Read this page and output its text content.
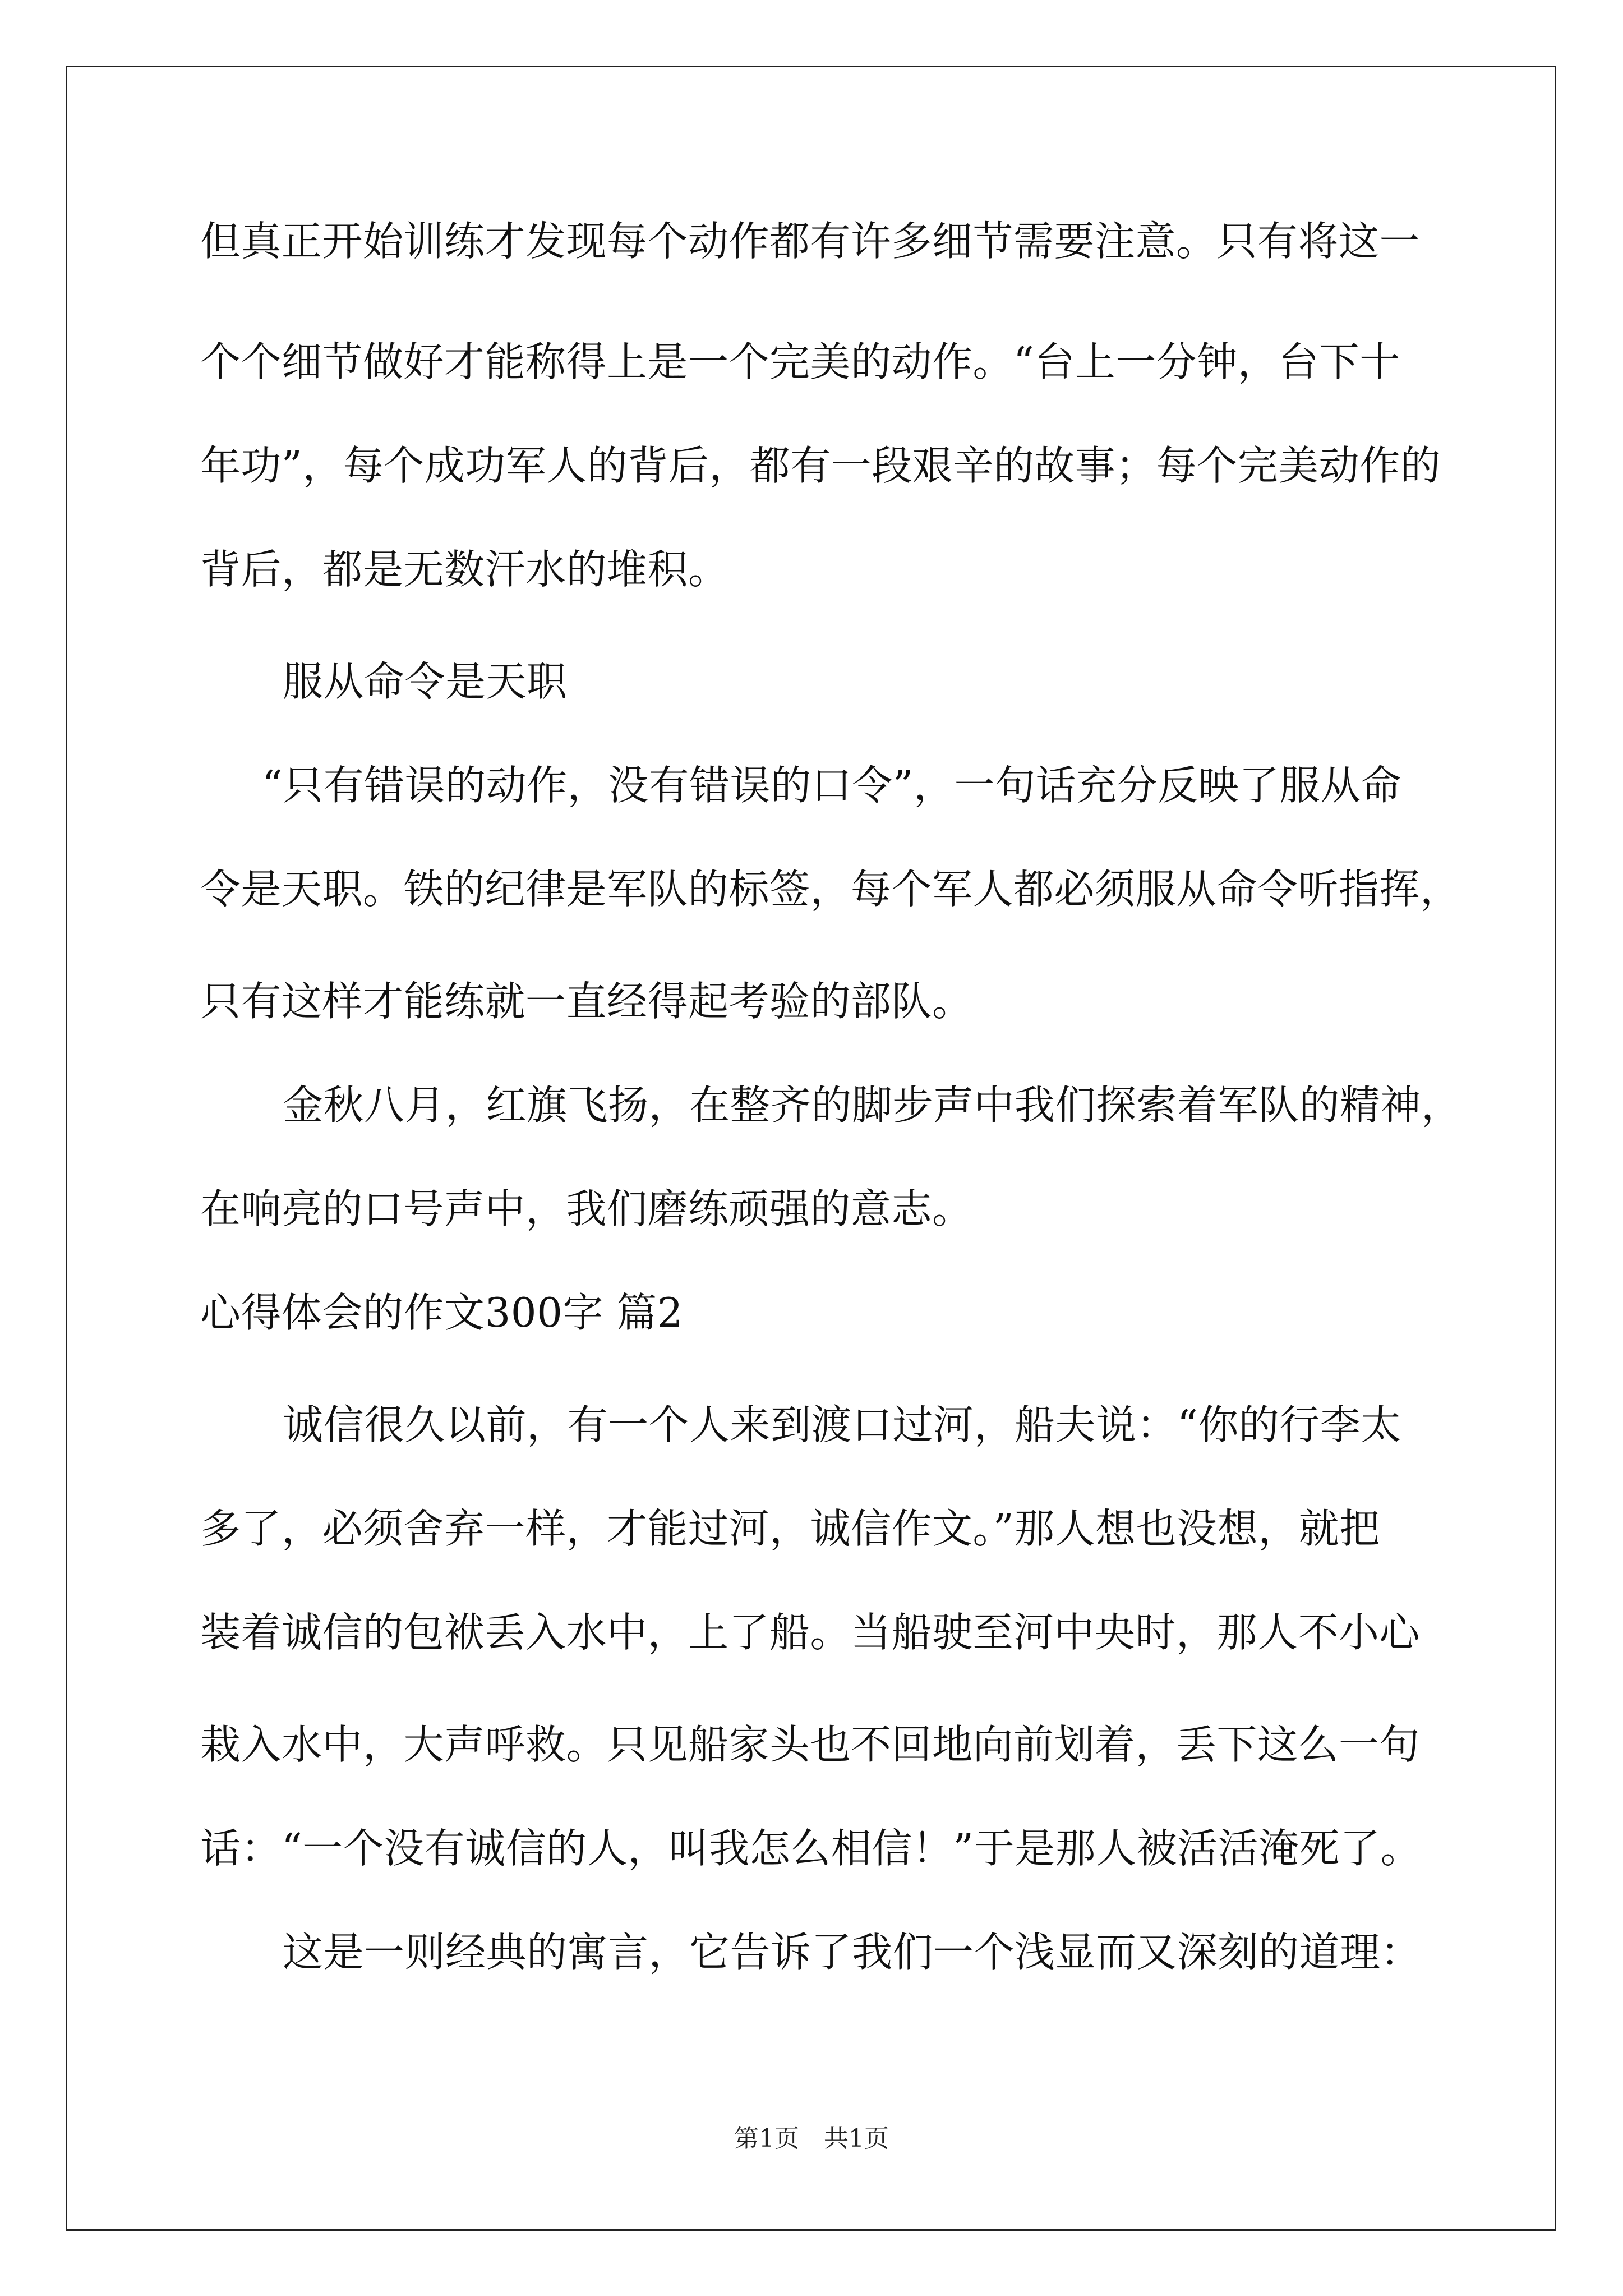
但真正开始训练才发现每个动作都有许多细节需要注意。只有将这一
个个细节做好才能称得上是一个完美的动作。“台上一分钟，台下十
年功”，每个成功军人的背后，都有一段艰辛的故事；每个完美动作的
背后，都是无数汗水的堆积。
服从命令是天职
“只有错误的动作，没有错误的口令”，一句话充分反映了服从命
令是天职。铁的纪律是军队的标签，每个军人都必须服从命令听指挥，
只有这样才能练就一直经得起考验的部队。
金秋八月，红旗飞扬，在整齐的脚步声中我们探索着军队的精神，
在响亮的口号声中，我们磨练顽强的意志。
心得体会的作文300字 篇2
诚信很久以前，有一个人来到渡口过河，船夫说：“你的行李太
多了，必须舍弃一样，才能过河，诚信作文。”那人想也没想，就把
装着诚信的包袱丢入水中，上了船。当船驶至河中央时，那人不小心
栽入水中，大声呼救。只见船家头也不回地向前划着，丢下这么一句
话：“一个没有诚信的人，叫我怎么相信！”于是那人被活活淹死了。
这是一则经典的寓言，它告诉了我们一个浅显而又深刻的道理：
第1页　共1页
